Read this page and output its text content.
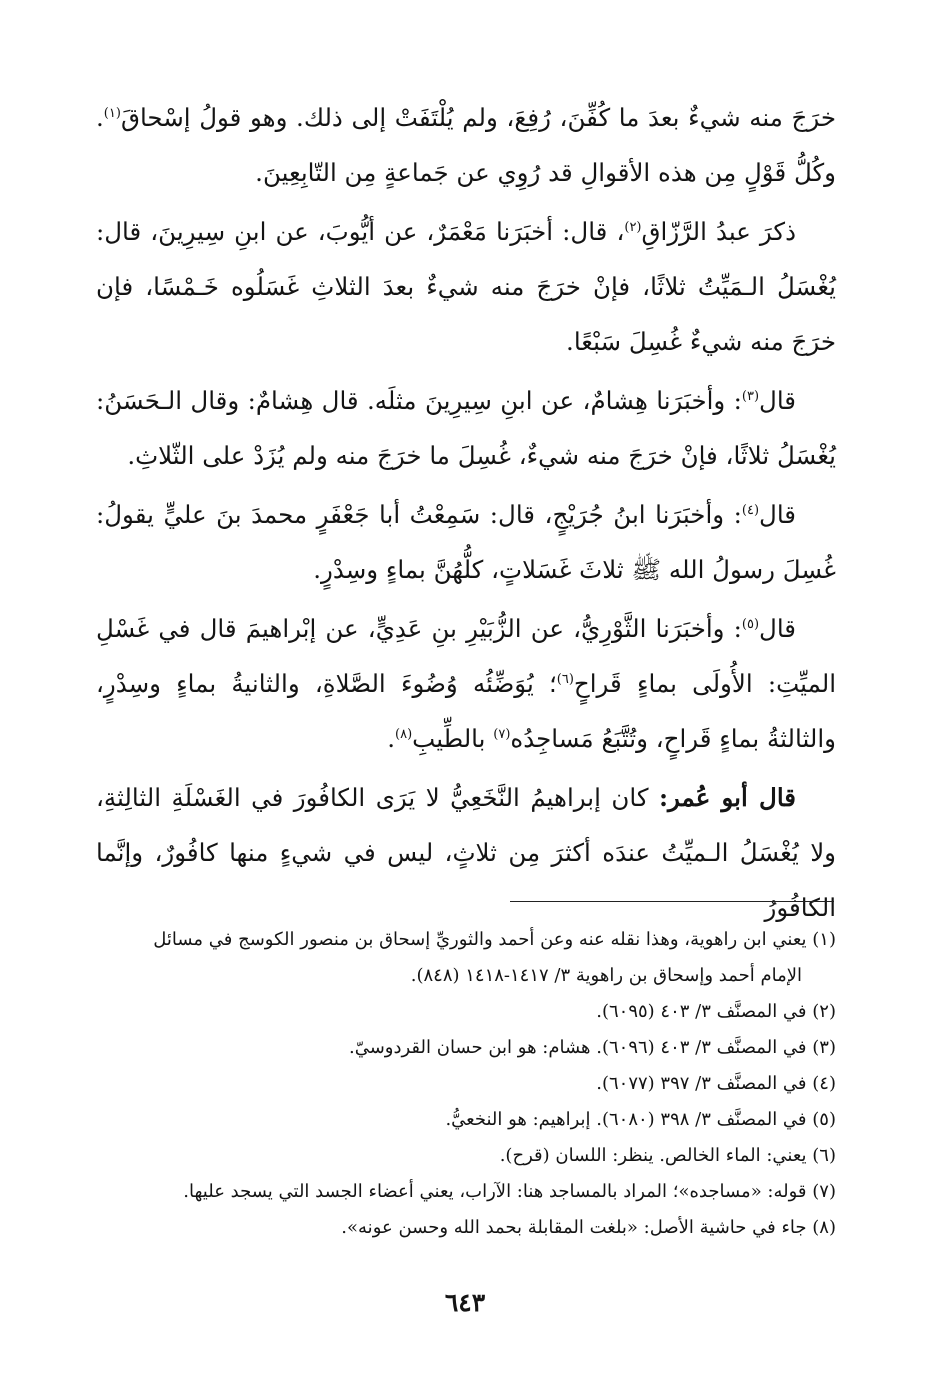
خرَجَ منه شيءٌ بعدَ ما كُفِّنَ، رُفِعَ، ولم يُلْتَفَتْ إلى ذلك. وهو قولُ إسْحاقَ$^{(١)}$. وكُلُّ قَوْلٍ مِن هذه الأقوالِ قد رُوِي عن جَماعةٍ مِن التّابِعِينَ.

ذكرَ عبدُ الرَّزّاقِ$^{(٢)}$، قال: أخبَرَنا مَعْمَرٌ، عن أيُّوبَ، عن ابنِ سِيرِينَ، قال: يُغْسَلُ الـمَيِّتُ ثلاثًا، فإنْ خرَجَ منه شيءٌ بعدَ الثلاثِ غَسَلُوه خَـمْسًا، فإن خرَجَ منه شيءٌ غُسِلَ سَبْعًا.

قال$^{(٣)}$: وأخبَرَنا هِشامٌ، عن ابنِ سِيرِينَ مثلَه. قال هِشامٌ: وقال الـحَسَنُ: يُغْسَلُ ثلاثًا، فإنْ خرَجَ منه شيءٌ، غُسِلَ ما خرَجَ منه ولم يُزَدْ على الثّلاثِ.

قال$^{(٤)}$: وأخبَرَنا ابنُ جُرَيْجٍ، قال: سَمِعْتُ أبا جَعْفَرٍ محمدَ بنَ عليٍّ يقولُ: غُسِلَ رسولُ الله ﷺ ثلاثَ غَسَلاتٍ، كلُّهُنَّ بماءٍ وسِدْرٍ.

قال$^{(٥)}$: وأخبَرَنا الثَّوْرِيُّ، عن الزُّبَيْرِ بنِ عَدِيٍّ، عن إبْراهيمَ قال في غَسْلِ الميِّتِ: الأُولَى بماءٍ قَراحٍ$^{(٦)}$؛ يُوَضِّئُه وُضُوءَ الصَّلاةِ، والثانيةُ بماءٍ وسِدْرٍ، والثالثةُ بماءٍ قَراحٍ، وتُتَّبَعُ مَساجِدُه$^{(٧)}$ بالطِّيبِ$^{(٨)}$.

قال أبو عُمر: كان إبراهيمُ النَّخَعِيُّ لا يَرَى الكافُورَ في الغَسْلَةِ الثالِثةِ، ولا يُغْسَلُ الـميِّتُ عندَه أكثرَ مِن ثلاثٍ، ليس في شيءٍ منها كافُورٌ، وإنَّما الكافُورُ

(١) يعني ابن راهوية، وهذا نقله عنه وعن أحمد والثوريِّ إسحاق بن منصور الكوسج في مسائل
الإمام أحمد وإسحاق بن راهوية ٣/ ١٤١٧-١٤١٨ (٨٤٨).

(٢) في المصنَّف ٣/ ٤٠٣ (٦٠٩٥).

(٣) في المصنَّف ٣/ ٤٠٣ (٦٠٩٦). هشام: هو ابن حسان القردوسيّ.

(٤) في المصنَّف ٣/ ٣٩٧ (٦٠٧٧).

(٥) في المصنَّف ٣/ ٣٩٨ (٦٠٨٠). إبراهيم: هو النخعيُّ.

(٦) يعني: الماء الخالص. ينظر: اللسان (قرح).

(٧) قوله: «مساجده»؛ المراد بالمساجد هنا: الآراب، يعني أعضاء الجسد التي يسجد عليها.

(٨) جاء في حاشية الأصل: «بلغت المقابلة بحمد الله وحسن عونه».

٦٤٣
